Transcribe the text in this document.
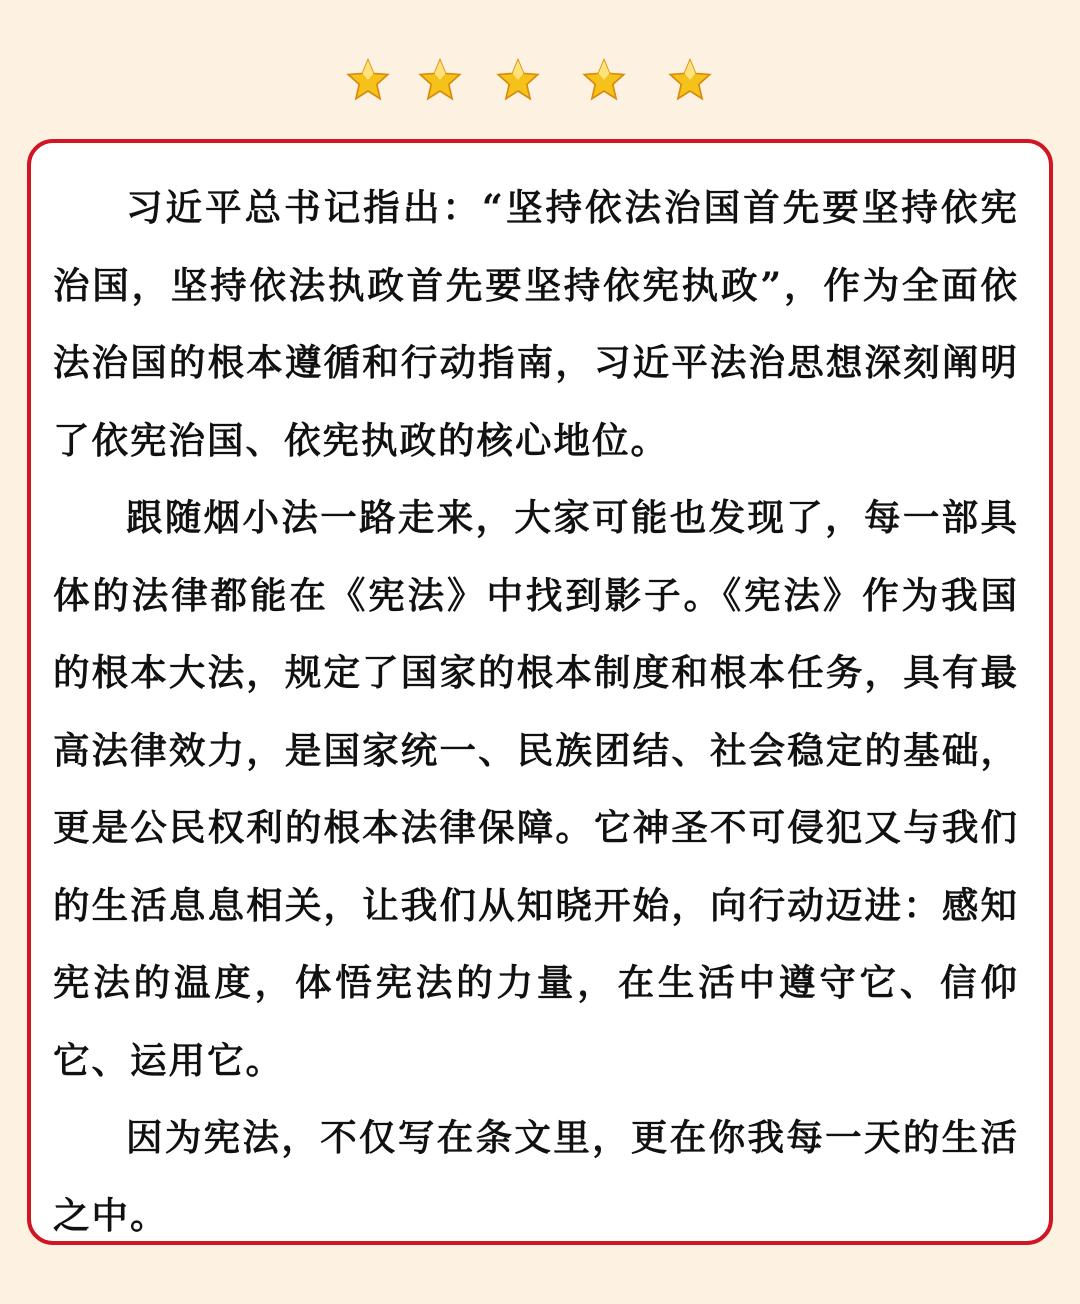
习近平总书记指出：“坚持依法治国首先要坚持依宪治国，坚持依法执政首先要坚持依宪执政”，作为全面依法治国的根本遵循和行动指南，习近平法治思想深刻阐明了依宪治国、依宪执政的核心地位。

跟随烟小法一路走来，大家可能也发现了，每一部具体的法律都能在《宪法》中找到影子。《宪法》作为我国的根本大法，规定了国家的根本制度和根本任务，具有最高法律效力，是国家统一、民族团结、社会稳定的基础，更是公民权利的根本法律保障。它神圣不可侵犯又与我们的生活息息相关，让我们从知晓开始，向行动迈进：感知宪法的温度，体悟宪法的力量，在生活中遵守它、信仰它、运用它。

因为宪法，不仅写在条文里，更在你我每一天的生活之中。
